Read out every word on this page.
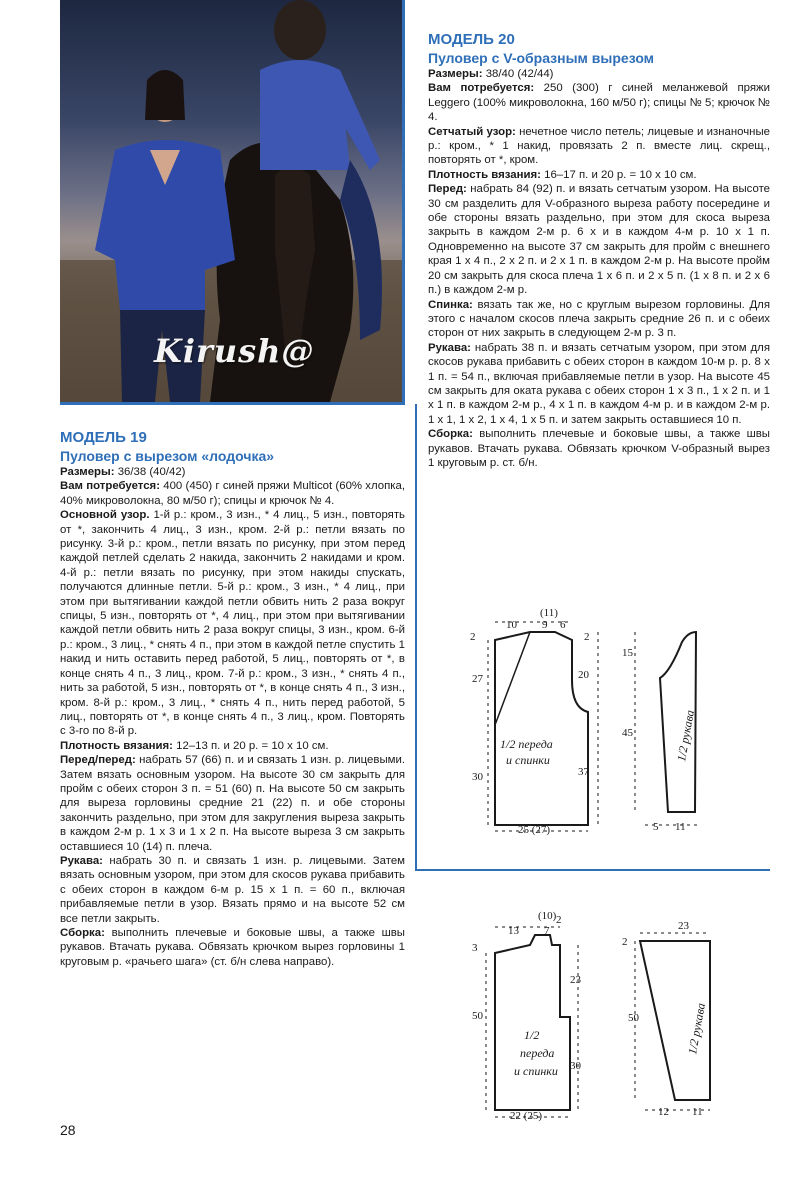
Kirush@

МОДЕЛЬ 20

Пуловер с V-образным вырезом

Размеры: 38/40 (42/44)

Вам потребуется: 250 (300) г синей меланжевой пряжи Leggero (100% микроволокна, 160 м/50 г); спицы № 5; крючок № 4.

Сетчатый узор: нечетное число петель; лицевые и изнаночные р.: кром., * 1 накид, провязать 2 п. вместе лиц. скрещ., повторять от *, кром.

Плотность вязания: 16–17 п. и 20 р. = 10 х 10 см.

Перед: набрать 84 (92) п. и вязать сетчатым узором. На высоте 30 см разделить для V-образного выреза работу посередине и обе стороны вязать раздельно, при этом для скоса выреза закрыть в каждом 2-м р. 6 х и в каждом 4-м р. 10 х 1 п. Одновременно на высоте 37 см закрыть для пройм с внешнего края 1 х 4 п., 2 х 2 п. и 2 х 1 п. в каждом 2-м р. На высоте пройм 20 см закрыть для скоса плеча 1 х 6 п. и 2 х 5 п. (1 х 8 п. и 2 х 6 п.) в каждом 2-м р.

Спинка: вязать так же, но с круглым вырезом горловины. Для этого с началом скосов плеча закрыть средние 26 п. и с обеих сторон от них закрыть в следующем 2-м р. 3 п.

Рукава: набрать 38 п. и вязать сетчатым узором, при этом для скосов рукава прибавить с обеих сторон в каждом 10-м р. р. 8 х 1 п. = 54 п., включая прибавляемые петли в узор. На высоте 45 см закрыть для оката рукава с обеих сторон 1 х 3 п., 1 х 2 п. и 1 х 1 п. в каждом 2-м р., 4 х 1 п. в каждом 4-м р. и в каждом 2-м р. 1 х 1, 1 х 2, 1 х 4, 1 х 5 п. и затем закрыть оставшиеся 10 п.

Сборка: выполнить плечевые и боковые швы, а также швы рукавов. Втачать рукава. Обвязать крючком V-образный вырез 1 круговым р. ст. б/н.

МОДЕЛЬ 19

Пуловер с вырезом «лодочка»

Размеры: 36/38 (40/42)

Вам потребуется: 400 (450) г синей пряжи Multicot (60% хлопка, 40% микроволокна, 80 м/50 г); спицы и крючок № 4.

Основной узор. 1-й р.: кром., 3 изн., * 4 лиц., 5 изн., повторять от *, закончить 4 лиц., 3 изн., кром. 2-й р.: петли вязать по рисунку. 3-й р.: кром., петли вязать по рисунку, при этом перед каждой петлей сделать 2 накида, закончить 2 накидами и кром. 4-й р.: петли вязать по рисунку, при этом накиды спускать, получаются длинные петли. 5-й р.: кром., 3 изн., * 4 лиц., при этом при вытягивании каждой петли обвить нить 2 раза вокруг спицы, 5 изн., повторять от *, 4 лиц., при этом при вытягивании каждой петли обвить нить 2 раза вокруг спицы, 3 изн., кром. 6-й р.: кром., 3 лиц., * снять 4 п., при этом в каждой петле спустить 1 накид и нить оставить перед работой, 5 лиц., повторять от *, в конце снять 4 п., 3 лиц., кром. 7-й р.: кром., 3 изн., * снять 4 п., нить за работой, 5 изн., повторять от *, в конце снять 4 п., 3 изн., кром. 8-й р.: кром., 3 лиц., * снять 4 п., нить перед работой, 5 лиц., повторять от *, в конце снять 4 п., 3 лиц., кром. Повторять с 3-го по 8-й р.

Плотность вязания: 12–13 п. и 20 р. = 10 х 10 см.

Перед/перед: набрать 57 (66) п. и и связать 1 изн. р. лицевыми. Затем вязать основным узором. На высоте 30 см закрыть для пройм с обеих сторон 3 п. = 51 (60) п. На высоте 50 см закрыть для выреза горловины средние 21 (22) п. и обе стороны закончить раздельно, при этом для закругления выреза закрыть в каждом 2-м р. 1 х 3 и 1 х 2 п. На высоте выреза 3 см закрыть оставшиеся 10 (14) п. плеча.

Рукава: набрать 30 п. и связать 1 изн. р. лицевыми. Затем вязать основным узором, при этом для скосов рукава прибавить с обеих сторон в каждом 6-м р. 15 х 1 п. = 60 п., включая прибавляемые петли в узор. Вязать прямо и на высоте 52 см все петли закрыть.

Сборка: выполнить плечевые и боковые швы, а также швы рукавов. Втачать рукава. Обвязать крючком вырез горловины 1 круговым р. «рачьего шага» (ст. б/н слева направо).

(11)
10 9 6
2	2
27
30
20
37
25 (27)
1/2 переда
и спинки
15
45
5 11
1/2 рукава
(10) 2
13 7
3
50
23
30
22 (25)
1/2
переда
и спинки
23
2
50
12 11
1/2 рукава
28
